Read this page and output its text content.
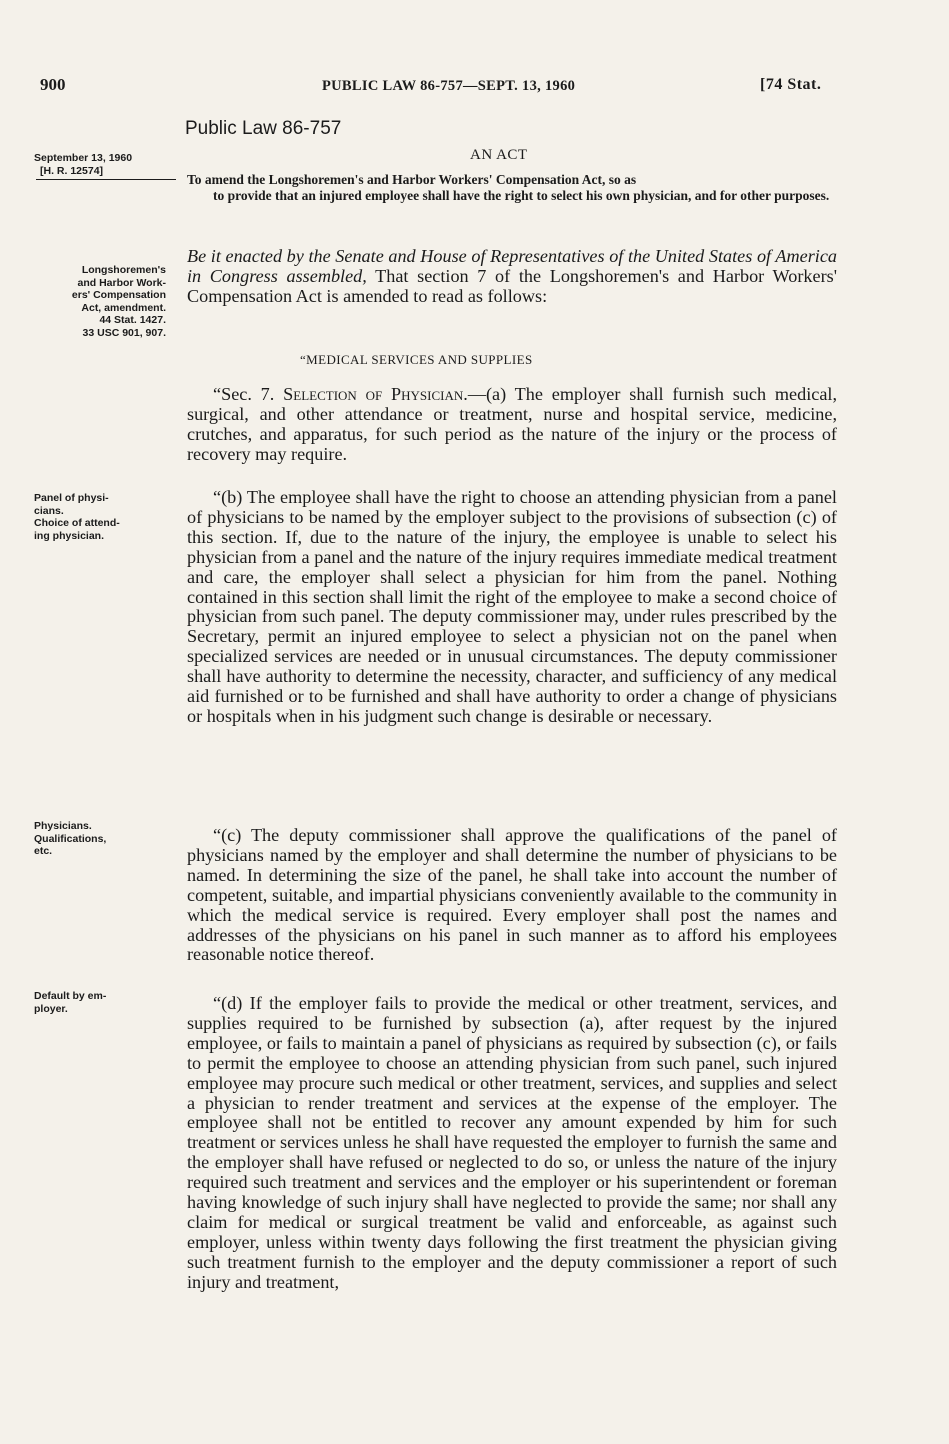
900	PUBLIC LAW 86-757—SEPT. 13, 1960	[74 Stat.
Public Law 86-757
AN ACT
To amend the Longshoremen's and Harbor Workers' Compensation Act, so as
to provide that an injured employee shall have the right to select his own physician, and for other purposes.
September 13, 1960
[H. R. 12574]
Longshoremen's
and Harbor Work-
ers' Compensation
Act, amendment.
44 Stat. 1427.
33 USC 901, 907.
Panel of physi-
cians.
Choice of attend-
ing physician.
Physicians.
Qualifications,
etc.
Default by em-
ployer.
Be it enacted by the Senate and House of Representatives of the United States of America in Congress assembled, That section 7 of the Longshoremen's and Harbor Workers' Compensation Act is amended to read as follows:
“MEDICAL SERVICES AND SUPPLIES
“Sec. 7. Selection of Physician.—(a) The employer shall furnish such medical, surgical, and other attendance or treatment, nurse and hospital service, medicine, crutches, and apparatus, for such period as the nature of the injury or the process of recovery may require.
“(b) The employee shall have the right to choose an attending physician from a panel of physicians to be named by the employer subject to the provisions of subsection (c) of this section. If, due to the nature of the injury, the employee is unable to select his physician from a panel and the nature of the injury requires immediate medical treatment and care, the employer shall select a physician for him from the panel. Nothing contained in this section shall limit the right of the employee to make a second choice of physician from such panel. The deputy commissioner may, under rules prescribed by the Secretary, permit an injured employee to select a physician not on the panel when specialized services are needed or in unusual circumstances. The deputy commissioner shall have authority to determine the necessity, character, and sufficiency of any medical aid furnished or to be furnished and shall have authority to order a change of physicians or hospitals when in his judgment such change is desirable or necessary.
“(c) The deputy commissioner shall approve the qualifications of the panel of physicians named by the employer and shall determine the number of physicians to be named. In determining the size of the panel, he shall take into account the number of competent, suitable, and impartial physicians conveniently available to the community in which the medical service is required. Every employer shall post the names and addresses of the physicians on his panel in such manner as to afford his employees reasonable notice thereof.
“(d) If the employer fails to provide the medical or other treatment, services, and supplies required to be furnished by subsection (a), after request by the injured employee, or fails to maintain a panel of physicians as required by subsection (c), or fails to permit the employee to choose an attending physician from such panel, such injured employee may procure such medical or other treatment, services, and supplies and select a physician to render treatment and services at the expense of the employer. The employee shall not be entitled to recover any amount expended by him for such treatment or services unless he shall have requested the employer to furnish the same and the employer shall have refused or neglected to do so, or unless the nature of the injury required such treatment and services and the employer or his superintendent or foreman having knowledge of such injury shall have neglected to provide the same; nor shall any claim for medical or surgical treatment be valid and enforceable, as against such employer, unless within twenty days following the first treatment the physician giving such treatment furnish to the employer and the deputy commissioner a report of such injury and treatment,
